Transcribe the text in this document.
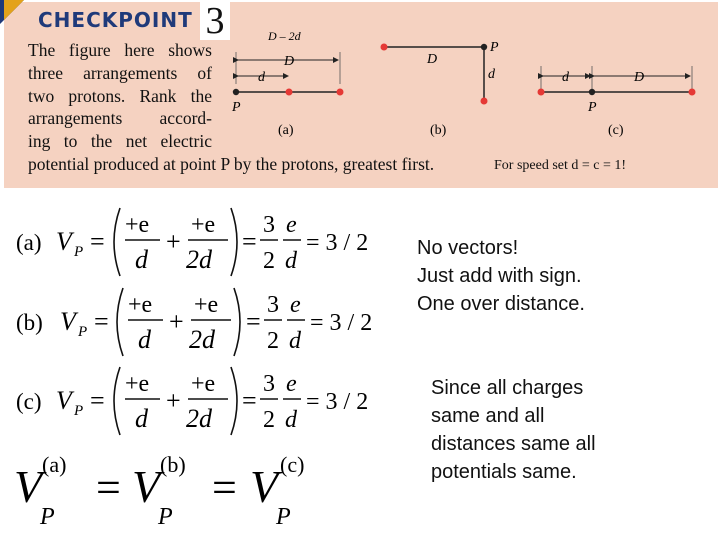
CHECKPOINT 3
The figure here shows
three arrangements of
two protons. Rank the
arrangements accord-
ing to the net electric
potential produced at point P by the protons, greatest first.	For speed set d = c = 1!
D – 2d
D
d
P
(a)
D
P
d
(b)
d	D
P
(c)
(a) V P =
+e
d
+
+e
2d
=
3
2
e
d
= 3 / 2
(b) V P =
+e
d
+
+e
2d
=
3
2
e
d
= 3 / 2
(c) V P =
+e
d
+
+e
2d
=
3
2
e
d
= 3 / 2
V (a)
P
= V (b)
P
= V (c)
P
No vectors!
Just add with sign.
One over distance.
Since all charges
same and all
distances same all
potentials same.
